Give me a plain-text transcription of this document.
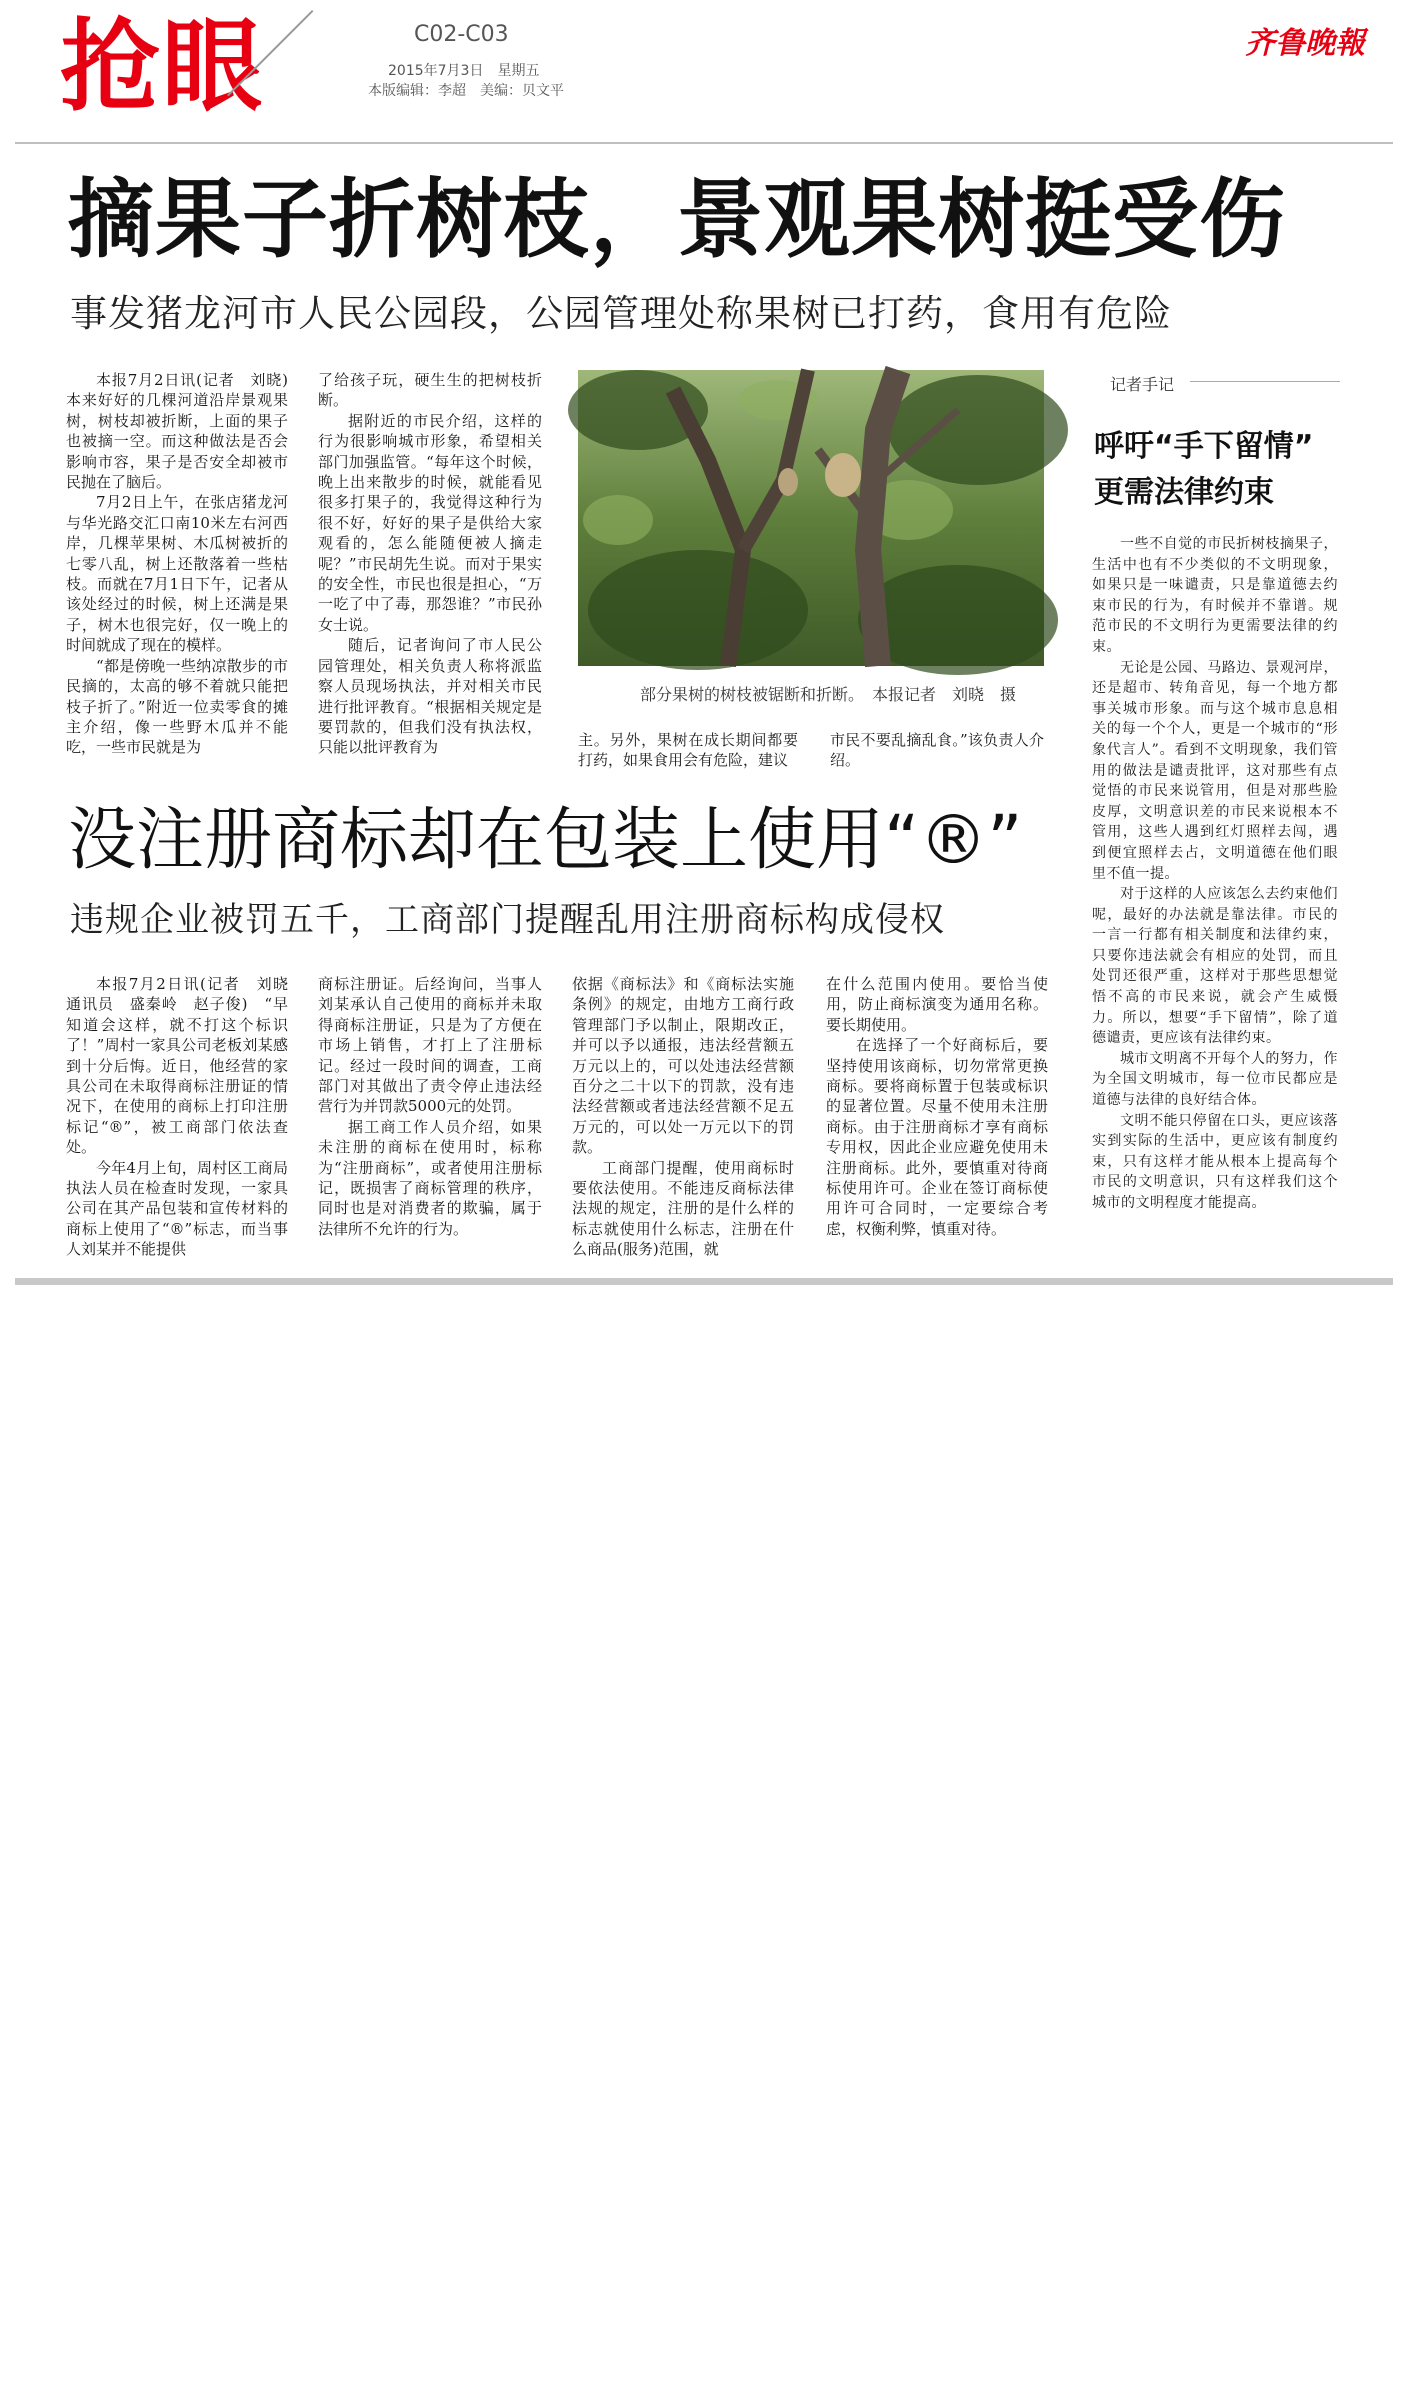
抢眼	C02-C03
2015年7月3日　星期五
本版编辑：李超　美编：贝文平
齐鲁晚報
摘果子折树枝，景观果树挺受伤
事发猪龙河市人民公园段，公园管理处称果树已打药，食用有危险

本报7月2日讯(记者　刘晓)　本来好好的几棵河道沿岸景观果树，树枝却被折断，上面的果子也被摘一空。而这种做法是否会影响市容，果子是否安全却被市民抛在了脑后。

7月2日上午，在张店猪龙河与华光路交汇口南10米左右河西岸，几棵苹果树、木瓜树被折的七零八乱，树上还散落着一些枯枝。而就在7月1日下午，记者从该处经过的时候，树上还满是果子，树木也很完好，仅一晚上的时间就成了现在的模样。

“都是傍晚一些纳凉散步的市民摘的，太高的够不着就只能把枝子折了。”附近一位卖零食的摊主介绍，像一些野木瓜并不能吃，一些市民就是为

了给孩子玩，硬生生的把树枝折断。

据附近的市民介绍，这样的行为很影响城市形象，希望相关部门加强监管。“每年这个时候，晚上出来散步的时候，就能看见很多打果子的，我觉得这种行为很不好，好好的果子是供给大家观看的，怎么能随便被人摘走呢？”市民胡先生说。而对于果实的安全性，市民也很是担心，“万一吃了中了毒，那怨谁？”市民孙女士说。

随后，记者询问了市人民公园管理处，相关负责人称将派监察人员现场执法，并对相关市民进行批评教育。“根据相关规定是要罚款的，但我们没有执法权，只能以批评教育为

部分果树的树枝被锯断和折断。　本报记者　刘晓　摄

主。另外，果树在成长期间都要打药，如果食用会有危险，建议

市民不要乱摘乱食。”该负责人介绍。

没注册商标却在包装上使用“®”
违规企业被罚五千，工商部门提醒乱用注册商标构成侵权

本报7月2日讯(记者　刘晓　通讯员　盛秦岭　赵子俊)　“早知道会这样，就不打这个标识了！”周村一家具公司老板刘某感到十分后悔。近日，他经营的家具公司在未取得商标注册证的情况下，在使用的商标上打印注册标记“®”，被工商部门依法查处。

今年4月上旬，周村区工商局执法人员在检查时发现，一家具公司在其产品包装和宣传材料的商标上使用了“®”标志，而当事人刘某并不能提供

商标注册证。后经询问，当事人刘某承认自己使用的商标并未取得商标注册证，只是为了方便在市场上销售，才打上了注册标记。经过一段时间的调查，工商部门对其做出了责令停止违法经营行为并罚款5000元的处罚。

据工商工作人员介绍，如果未注册的商标在使用时，标称为“注册商标”，或者使用注册标记，既损害了商标管理的秩序，同时也是对消费者的欺骗，属于法律所不允许的行为。

依据《商标法》和《商标法实施条例》的规定，由地方工商行政管理部门予以制止，限期改正，并可以予以通报，违法经营额五万元以上的，可以处违法经营额百分之二十以下的罚款，没有违法经营额或者违法经营额不足五万元的，可以处一万元以下的罚款。

工商部门提醒，使用商标时要依法使用。不能违反商标法律法规的规定，注册的是什么样的标志就使用什么标志，注册在什么商品(服务)范围，就

在什么范围内使用。要恰当使用，防止商标演变为通用名称。要长期使用。

在选择了一个好商标后，要坚持使用该商标，切勿常常更换商标。要将商标置于包装或标识的显著位置。尽量不使用未注册商标。由于注册商标才享有商标专用权，因此企业应避免使用未注册商标。此外，要慎重对待商标使用许可。企业在签订商标使用许可合同时，一定要综合考虑，权衡利弊，慎重对待。

记者手记
呼吁“手下留情”
更需法律约束

一些不自觉的市民折树枝摘果子，生活中也有不少类似的不文明现象，如果只是一味谴责，只是靠道德去约束市民的行为，有时候并不靠谱。规范市民的不文明行为更需要法律的约束。

无论是公园、马路边、景观河岸，还是超市、转角音见，每一个地方都事关城市形象。而与这个城市息息相关的每一个个人，更是一个城市的“形象代言人”。看到不文明现象，我们管用的做法是谴责批评，这对那些有点觉悟的市民来说管用，但是对那些脸皮厚，文明意识差的市民来说根本不管用，这些人遇到红灯照样去闯，遇到便宜照样去占，文明道德在他们眼里不值一提。

对于这样的人应该怎么去约束他们呢，最好的办法就是靠法律。市民的一言一行都有相关制度和法律约束，只要你违法就会有相应的处罚，而且处罚还很严重，这样对于那些思想觉悟不高的市民来说，就会产生威慑力。所以，想要“手下留情”，除了道德谴责，更应该有法律约束。

城市文明离不开每个人的努力，作为全国文明城市，每一位市民都应是道德与法律的良好结合体。

文明不能只停留在口头，更应该落实到实际的生活中，更应该有制度约束，只有这样才能从根本上提高每个市民的文明意识，只有这样我们这个城市的文明程度才能提高。
